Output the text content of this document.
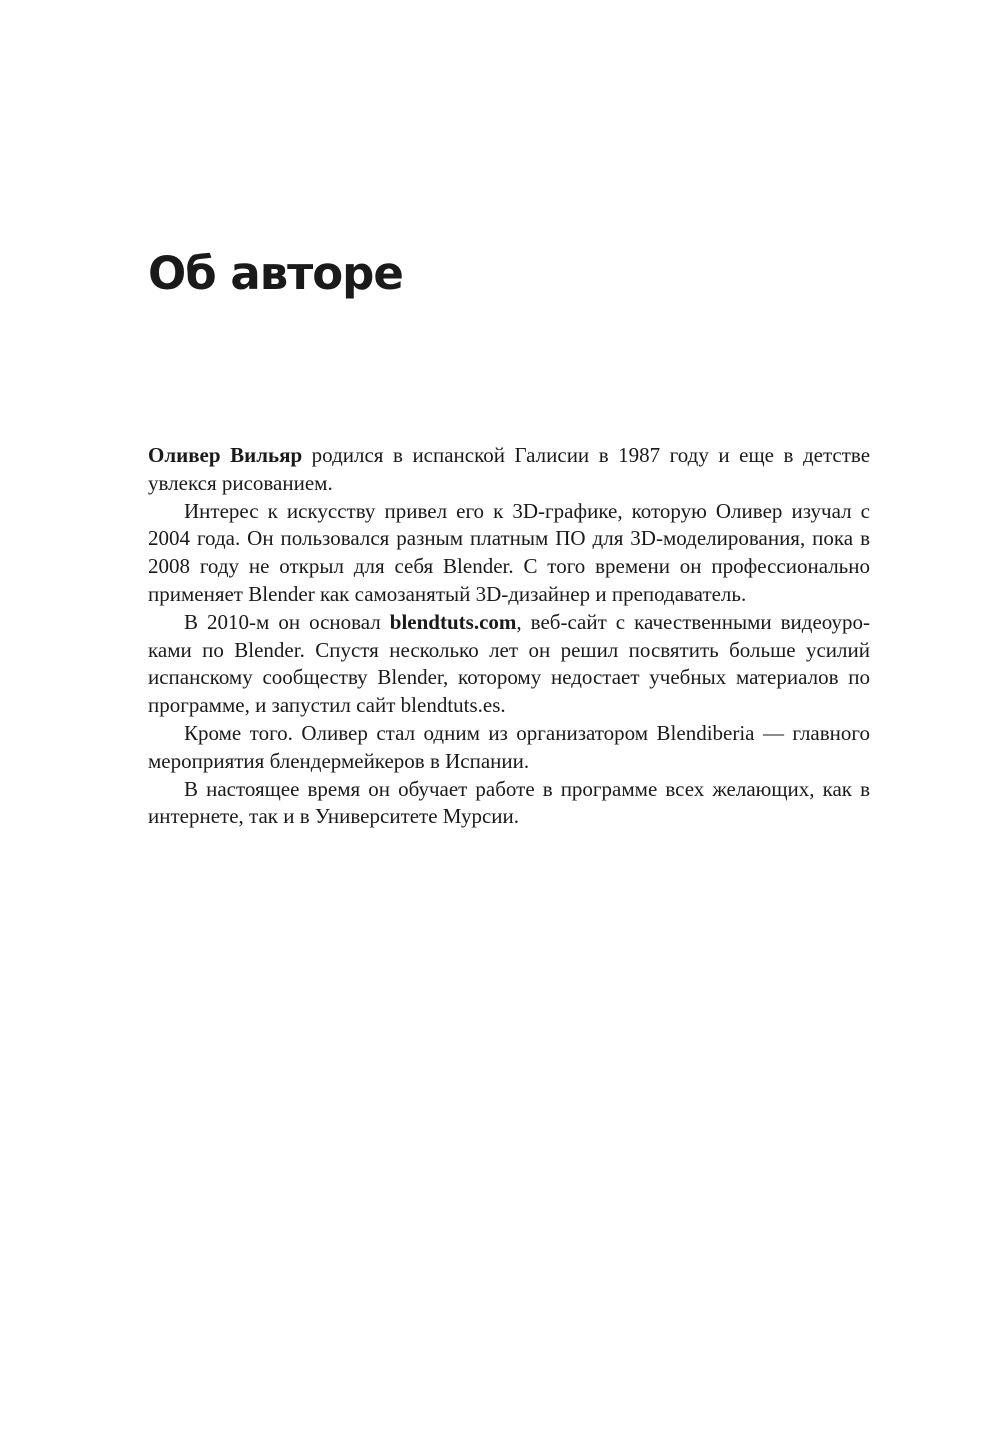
Об авторе

Оливер Вильяр родился в испанской Галисии в 1987 году и еще в детстве увлекся рисованием.

Интерес к искусству привел его к 3D-графике, которую Оливер изучал с 2004 года. Он пользовался разным платным ПО для 3D-моделирования, пока в 2008 году не открыл для себя Blender. С того времени он профессионально применяет Blender как самозанятый 3D-дизайнер и преподаватель.

В 2010-м он основал blendtuts.com, веб-сайт с качественными видеоуроками по Blender. Спустя несколько лет он решил посвятить больше усилий испанскому сообществу Blender, которому недостает учебных материалов по программе, и запустил сайт blendtuts.es.

Кроме того. Оливер стал одним из организатором Blendiberia — главного мероприятия блендермейкеров в Испании.

В настоящее время он обучает работе в программе всех желающих, как в интернете, так и в Университете Мурсии.
